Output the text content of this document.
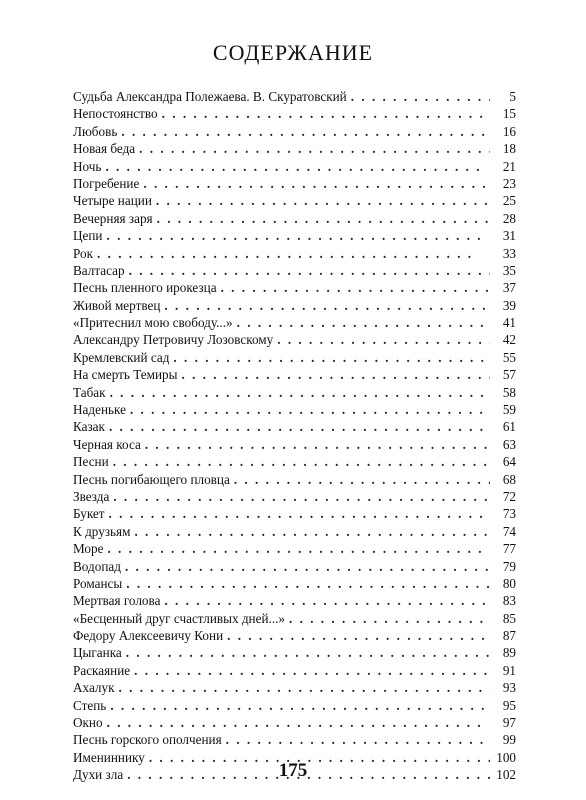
СОДЕРЖАНИЕ
Судьба Александра Полежаева. В. Скуратовский . . .	5
Непостоянство . . .	15
Любовь . . .	16
Новая беда . . .	18
Ночь . . .	21
Погребение . . .	23
Четыре нации . . .	25
Вечерняя заря . . .	28
Цепи . . .	31
Рок . . .	33
Валтасар . . .	35
Песнь пленного ирокезца . . .	37
Живой мертвец . . .	39
«Притеснил мою свободу...» . . .	41
Александру Петровичу Лозовскому . . .	42
Кремлевский сад . . .	55
На смерть Темиры . . .	57
Табак . . .	58
Наденьке . . .	59
Казак . . .	61
Черная коса . . .	63
Песни . . .	64
Песнь погибающего пловца . . .	68
Звезда . . .	72
Букет . . .	73
К друзьям . . .	74
Море . . .	77
Водопад . . .	79
Романсы . . .	80
Мертвая голова . . .	83
«Бесценный друг счастливых дней...» . . .	85
Федору Алексеевичу Кони . . .	87
Цыганка . . .	89
Раскаяние . . .	91
Ахалук . . .	93
Степь . . .	95
Окно . . .	97
Песнь горского ополчения . . .	99
Имениннику . . .	100
Духи зла . . .	102
175
